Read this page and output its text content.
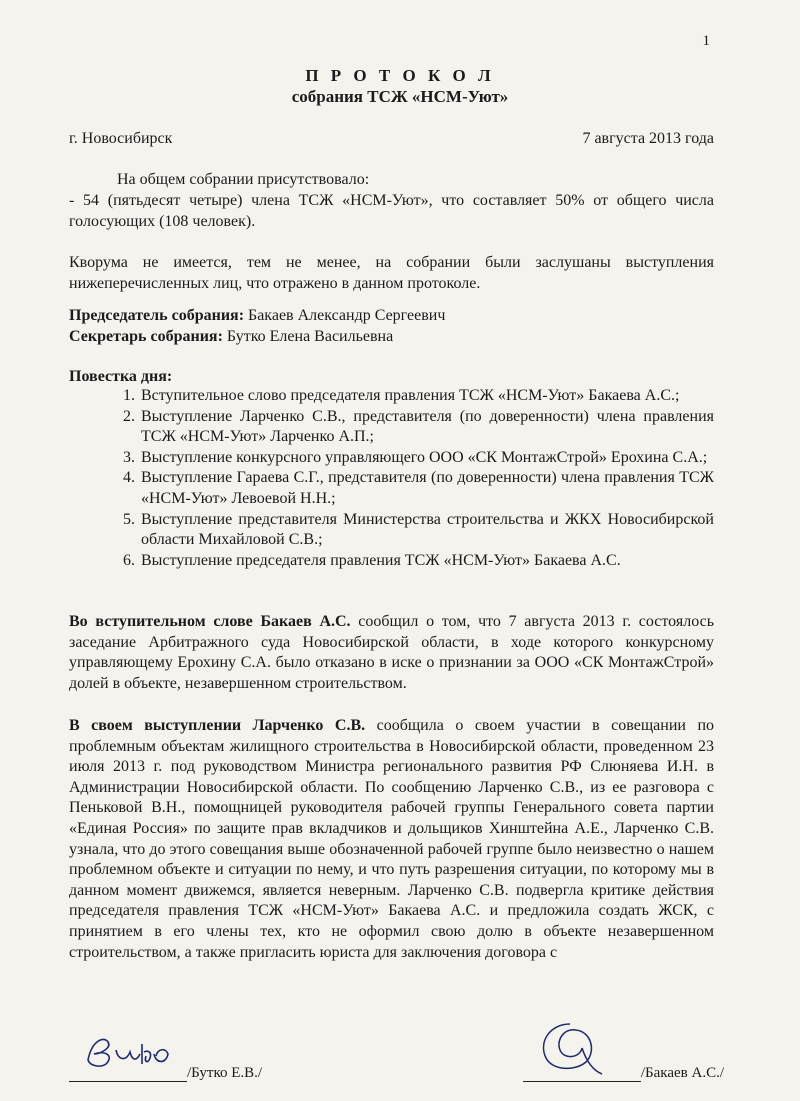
1
П Р О Т О К О Л
собрания ТСЖ «НСМ-Уют»
г. Новосибирск	7 августа 2013 года
На общем собрании присутствовало:
- 54 (пятьдесят четыре) члена ТСЖ «НСМ-Уют», что составляет 50% от общего числа голосующих (108 человек).
Кворума не имеется, тем не менее, на собрании были заслушаны выступления нижеперечисленных лиц, что отражено в данном протоколе.
Председатель собрания: Бакаев Александр Сергеевич
Секретарь собрания: Бутко Елена Васильевна
Повестка дня:
1. Вступительное слово председателя правления ТСЖ «НСМ-Уют» Бакаева А.С.;
2. Выступление Ларченко С.В., представителя (по доверенности) члена правления ТСЖ «НСМ-Уют» Ларченко А.П.;
3. Выступление конкурсного управляющего ООО «СК МонтажСтрой» Ерохина С.А.;
4. Выступление Гараева С.Г., представителя (по доверенности) члена правления ТСЖ «НСМ-Уют» Левоевой Н.Н.;
5. Выступление представителя Министерства строительства и ЖКХ Новосибирской области Михайловой С.В.;
6. Выступление председателя правления ТСЖ «НСМ-Уют» Бакаева А.С.
Во вступительном слове Бакаев А.С. сообщил о том, что 7 августа 2013 г. состоялось заседание Арбитражного суда Новосибирской области, в ходе которого конкурсному управляющему Ерохину С.А. было отказано в иске о признании за ООО «СК МонтажСтрой» долей в объекте, незавершенном строительством.
В своем выступлении Ларченко С.В. сообщила о своем участии в совещании по проблемным объектам жилищного строительства в Новосибирской области, проведенном 23 июля 2013 г. под руководством Министра регионального развития РФ Слюняева И.Н. в Администрации Новосибирской области. По сообщению Ларченко С.В., из ее разговора с Пеньковой В.Н., помощницей руководителя рабочей группы Генерального совета партии «Единая Россия» по защите прав вкладчиков и дольщиков Хинштейна А.Е., Ларченко С.В. узнала, что до этого совещания выше обозначенной рабочей группе было неизвестно о нашем проблемном объекте и ситуации по нему, и что путь разрешения ситуации, по которому мы в данном момент движемся, является неверным. Ларченко С.В. подвергла критике действия председателя правления ТСЖ «НСМ-Уют» Бакаева А.С. и предложила создать ЖСК, с принятием в его члены тех, кто не оформил свою долю в объекте незавершенном строительством, а также пригласить юриста для заключения договора с
/Бутко Е.В./	/Бакаев А.С./
